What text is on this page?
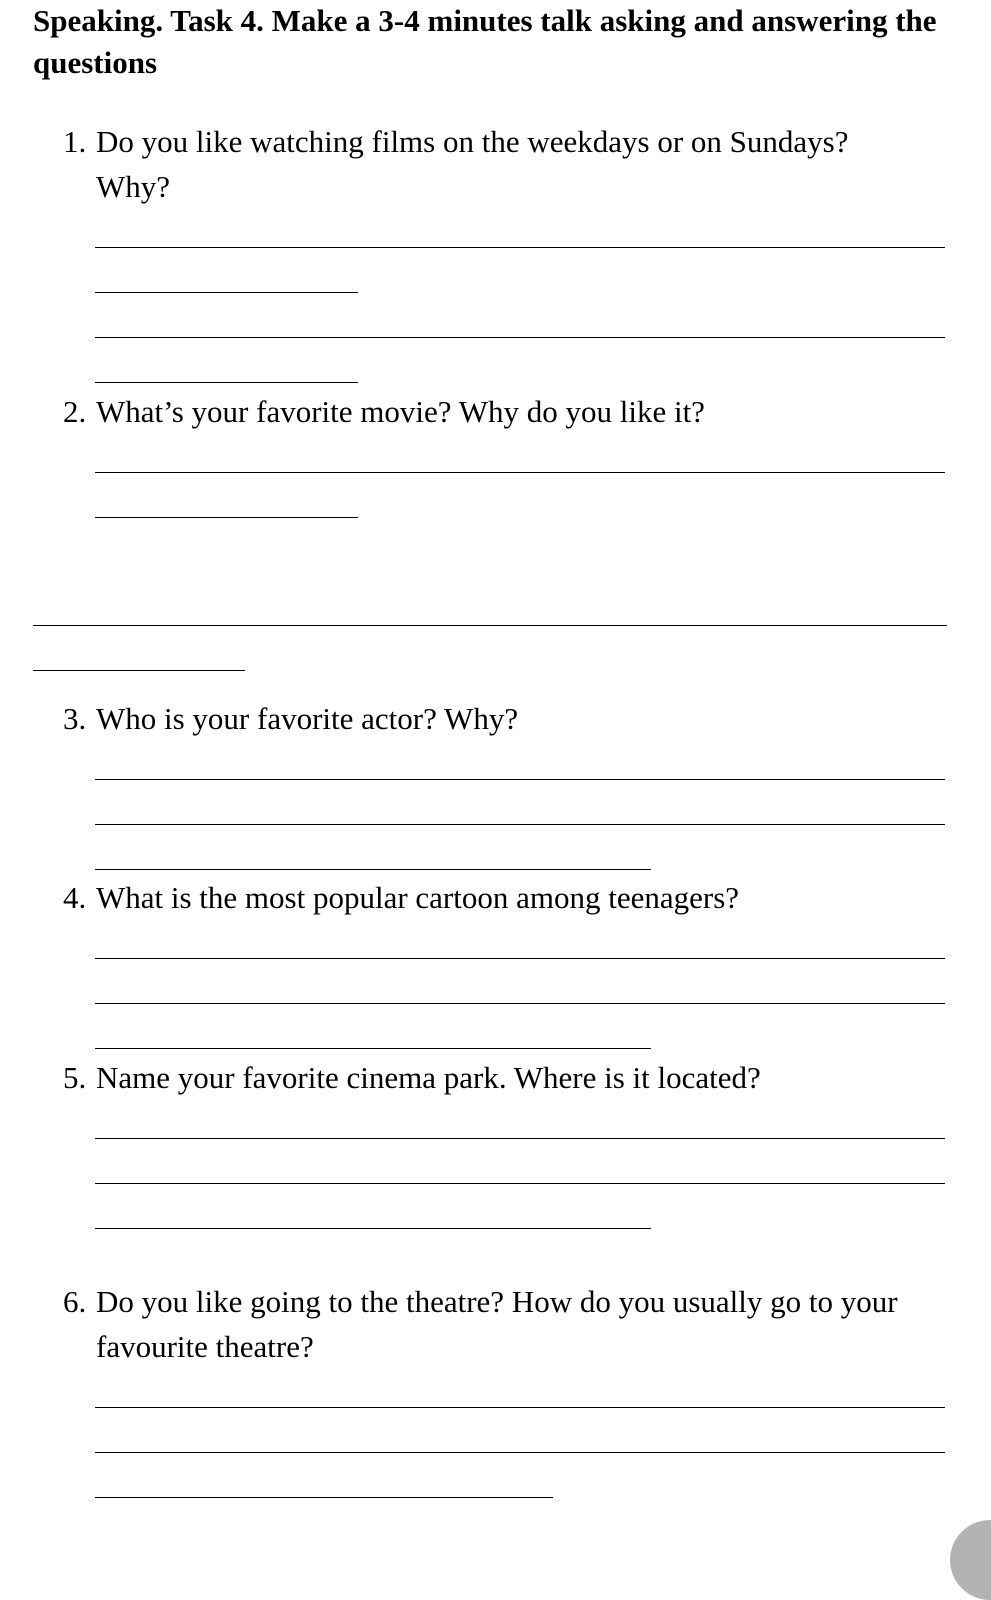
Speaking. Task 4. Make a 3-4 minutes talk asking and answering the questions
1. Do you like watching films on the weekdays or on Sundays?
Why?
2. What’s your favorite movie? Why do you like it?
3. Who is your favorite actor? Why?
4. What is the most popular cartoon among teenagers?
5. Name your favorite cinema park. Where is it located?
6. Do you like going to the theatre? How do you usually go to your
favourite theatre?
